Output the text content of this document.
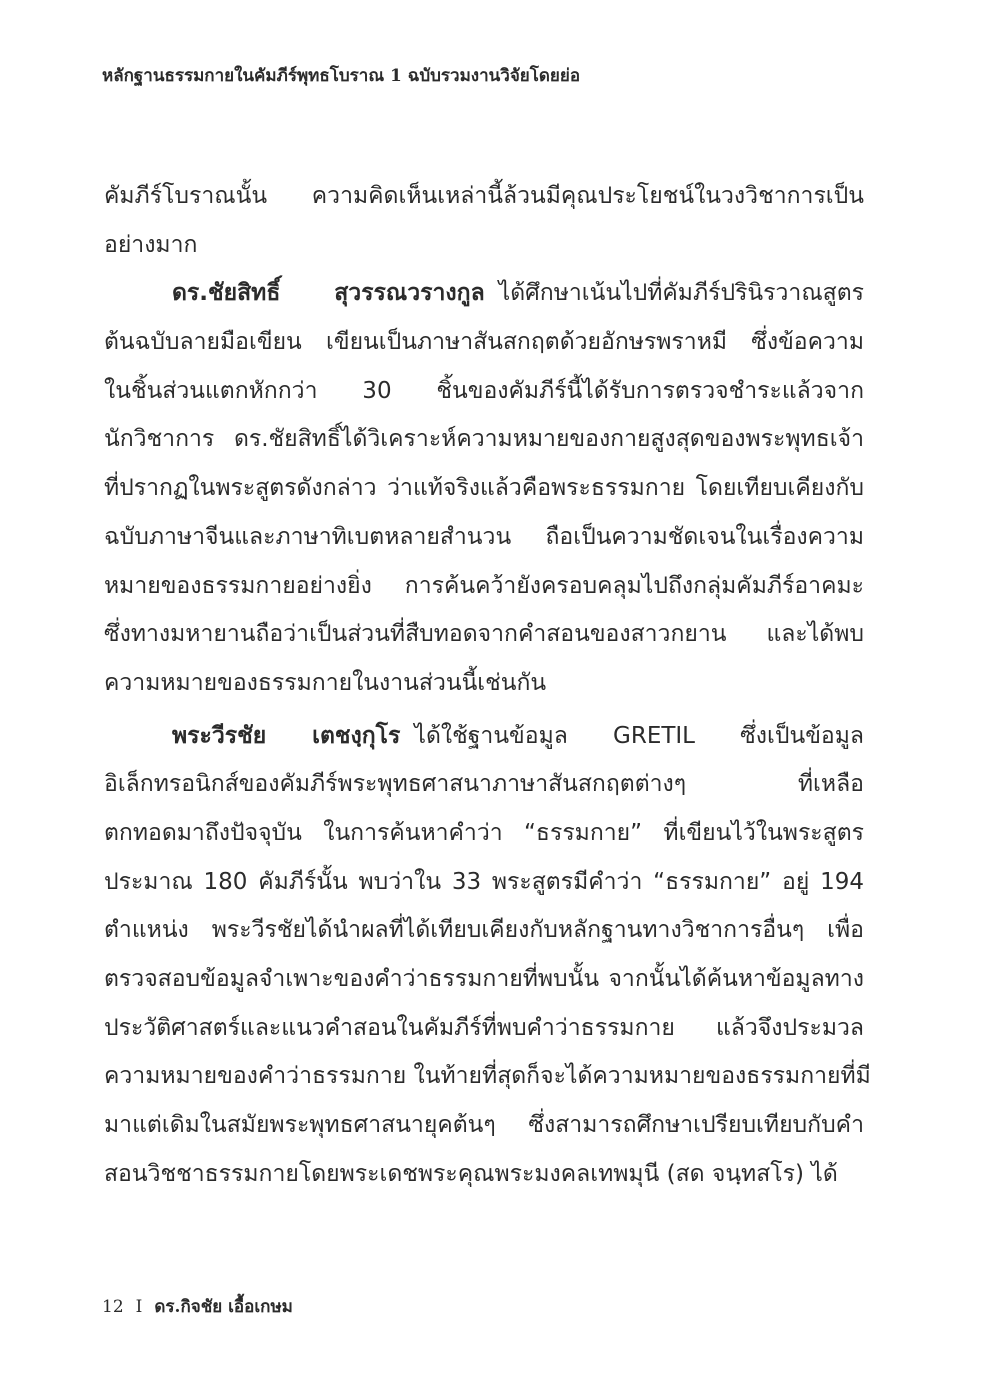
หลักฐานธรรมกายในคัมภีร์พุทธโบราณ 1 ฉบับรวมงานวิจัยโดยย่อ
คัมภีร์โบราณนั้น ความคิดเห็นเหล่านี้ล้วนมีคุณประโยชน์ในวงวิชาการเป็น
อย่างมาก
ดร.ชัยสิทธิ์ สุวรรณวรางกูล ได้ศึกษาเน้นไปที่คัมภีร์ปรินิรวาณสูตร
ต้นฉบับลายมือเขียน เขียนเป็นภาษาสันสกฤตด้วยอักษรพราหมี ซึ่งข้อความ
ในชิ้นส่วนแตกหักกว่า 30 ชิ้นของคัมภีร์นี้ได้รับการตรวจชำระแล้วจาก
นักวิชาการ ดร.ชัยสิทธิ์ได้วิเคราะห์ความหมายของกายสูงสุดของพระพุทธเจ้า
ที่ปรากฏในพระสูตรดังกล่าว ว่าแท้จริงแล้วคือพระธรรมกาย โดยเทียบเคียงกับ
ฉบับภาษาจีนและภาษาทิเบตหลายสำนวน ถือเป็นความชัดเจนในเรื่องความ
หมายของธรรมกายอย่างยิ่ง การค้นคว้ายังครอบคลุมไปถึงกลุ่มคัมภีร์อาคมะ
ซึ่งทางมหายานถือว่าเป็นส่วนที่สืบทอดจากคำสอนของสาวกยาน และได้พบ
ความหมายของธรรมกายในงานส่วนนี้เช่นกัน
พระวีรชัย เตชงฺกุโร ได้ใช้ฐานข้อมูล GRETIL ซึ่งเป็นข้อมูล
อิเล็กทรอนิกส์ของคัมภีร์พระพุทธศาสนาภาษาสันสกฤตต่างๆ ที่เหลือ
ตกทอดมาถึงปัจจุบัน ในการค้นหาคำว่า “ธรรมกาย” ที่เขียนไว้ในพระสูตร
ประมาณ 180 คัมภีร์นั้น พบว่าใน 33 พระสูตรมีคำว่า “ธรรมกาย” อยู่ 194
ตำแหน่ง พระวีรชัยได้นำผลที่ได้เทียบเคียงกับหลักฐานทางวิชาการอื่นๆ เพื่อ
ตรวจสอบข้อมูลจำเพาะของคำว่าธรรมกายที่พบนั้น จากนั้นได้ค้นหาข้อมูลทาง
ประวัติศาสตร์และแนวคำสอนในคัมภีร์ที่พบคำว่าธรรมกาย แล้วจึงประมวล
ความหมายของคำว่าธรรมกาย ในท้ายที่สุดก็จะได้ความหมายของธรรมกายที่มี
มาแต่เดิมในสมัยพระพุทธศาสนายุคต้นๆ ซึ่งสามารถศึกษาเปรียบเทียบกับคำ
สอนวิชชาธรรมกายโดยพระเดชพระคุณพระมงคลเทพมุนี (สด จนฺทสโร) ได้
12 I ดร.กิจชัย เอื้อเกษม
